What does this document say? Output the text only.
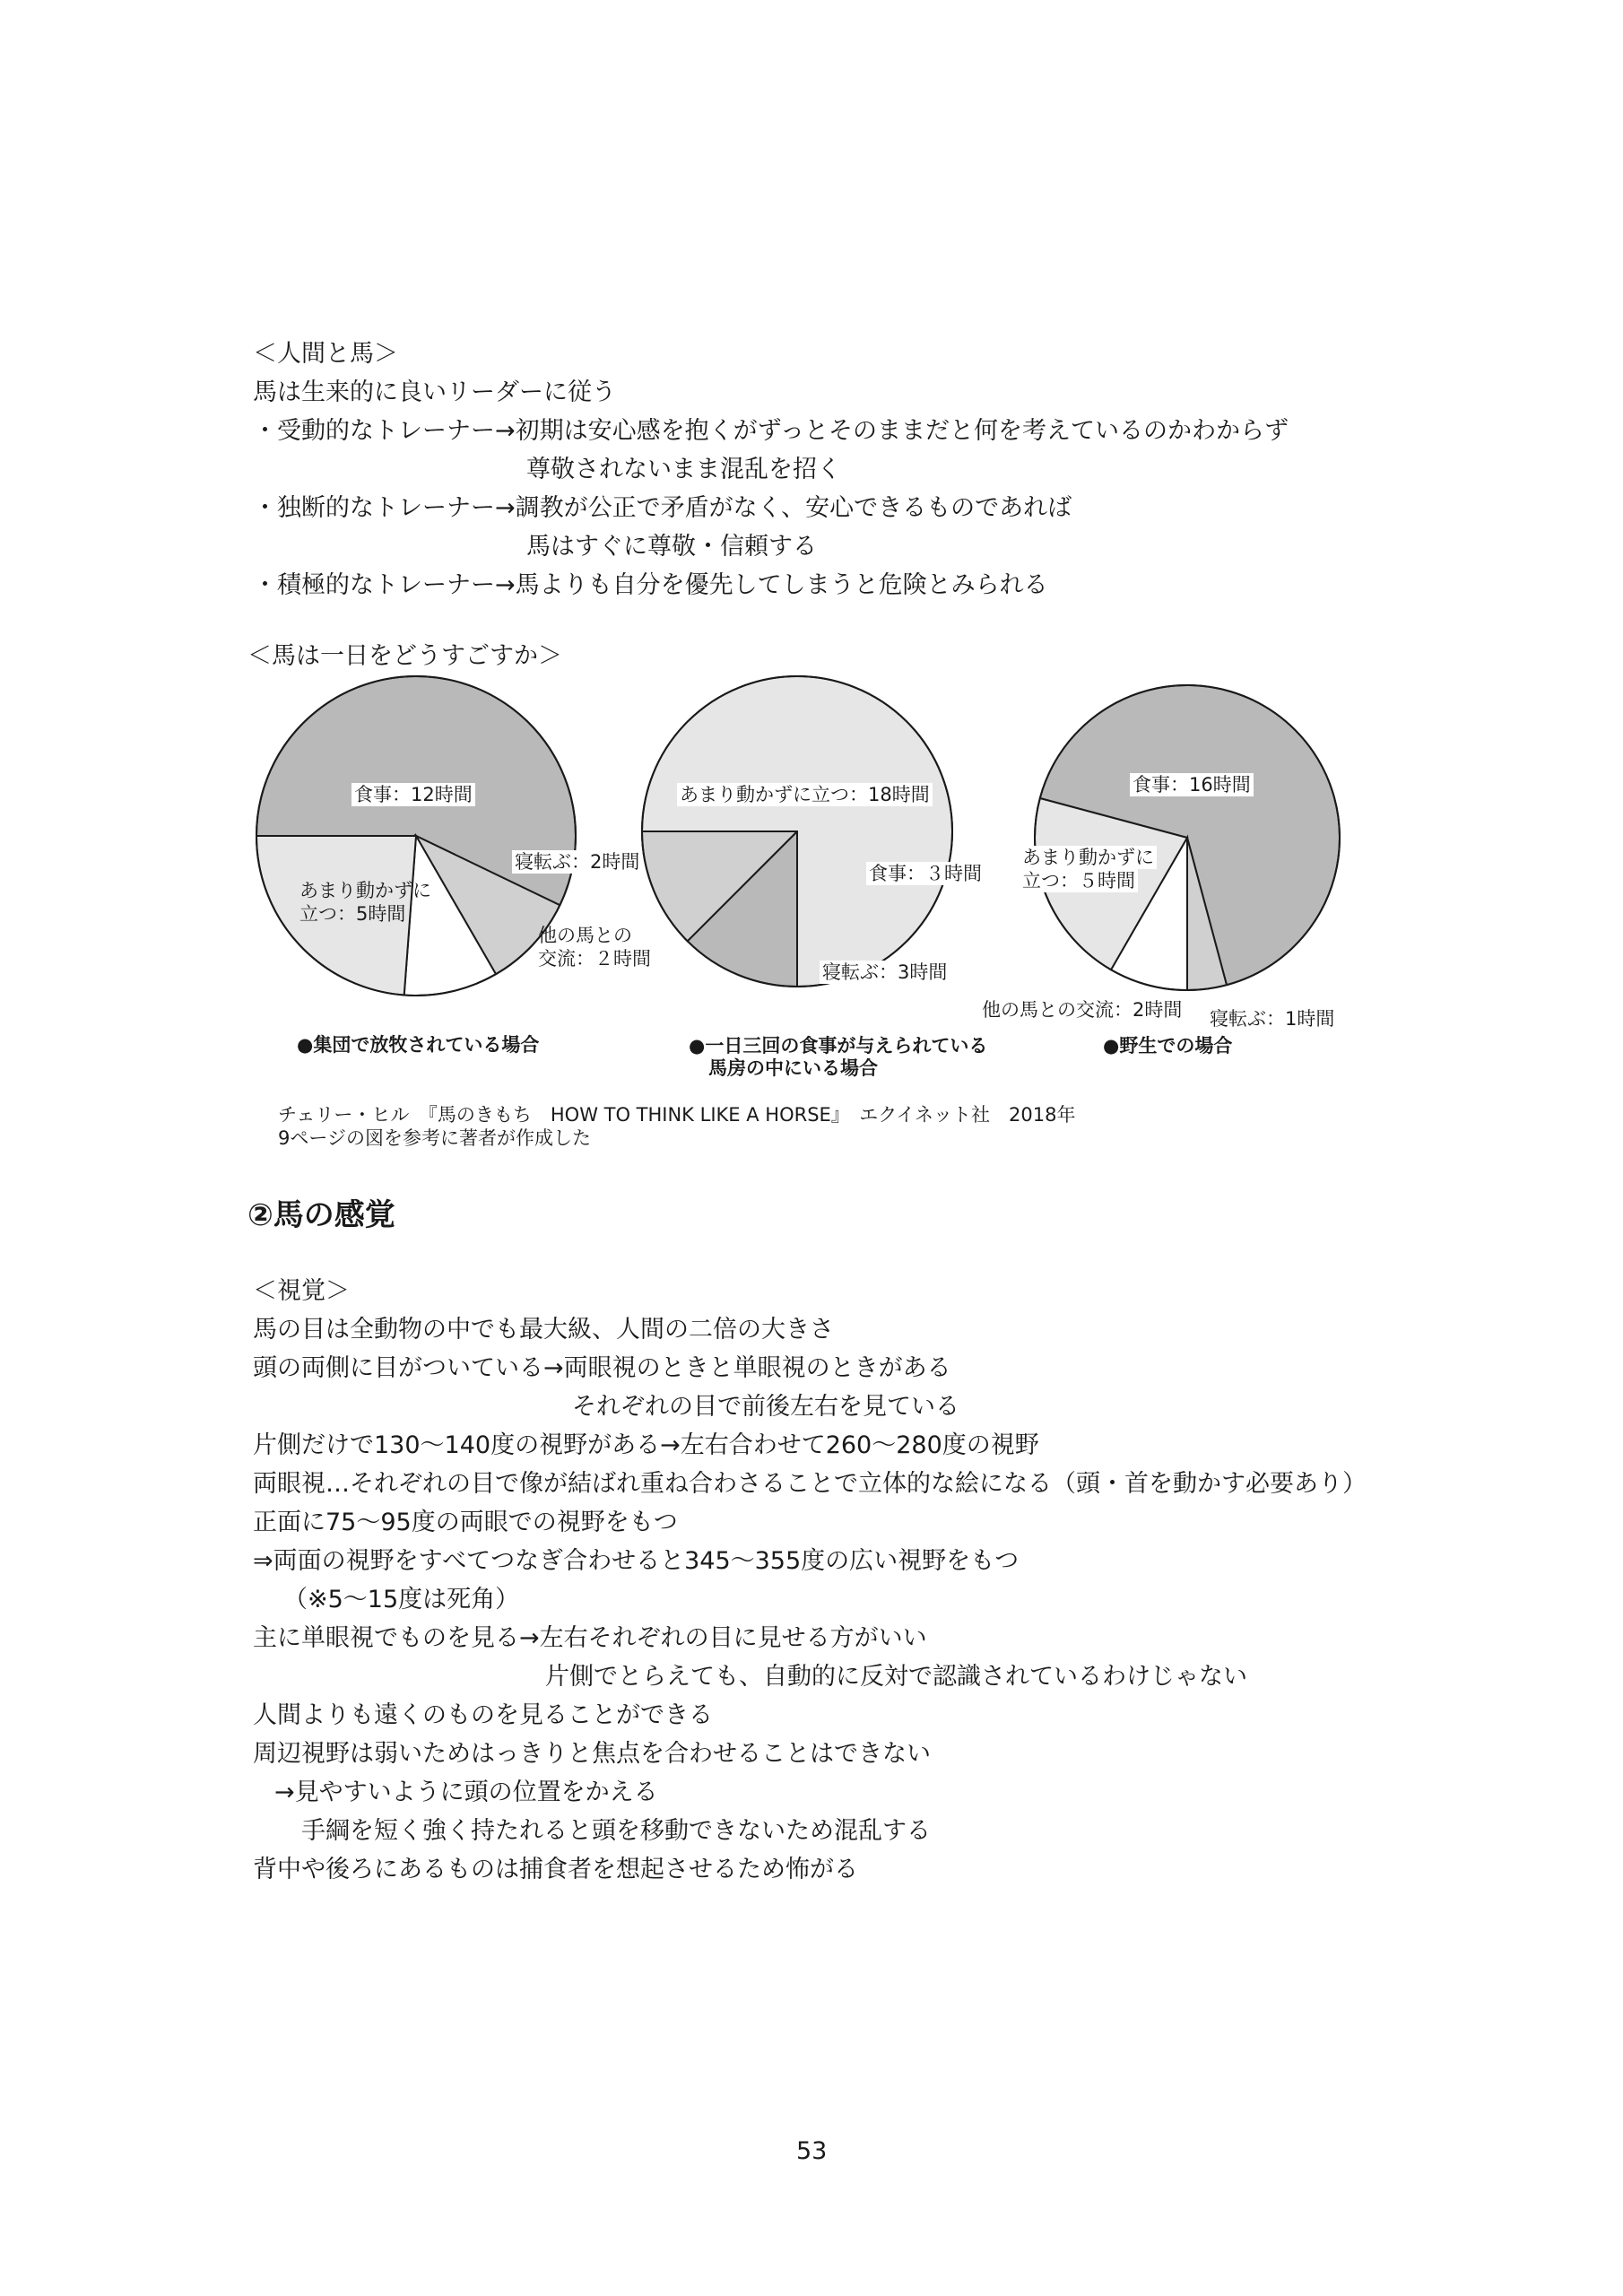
＜人間と馬＞
馬は生来的に良いリーダーに従う
・受動的なトレーナー→初期は安心感を抱くがずっとそのままだと何を考えているのかわからず
尊敬されないまま混乱を招く
・独断的なトレーナー→調教が公正で矛盾がなく、安心できるものであれば
馬はすぐに尊敬・信頼する
・積極的なトレーナー→馬よりも自分を優先してしまうと危険とみられる
＜馬は一日をどうすごすか＞
食事：12時間
寝転ぶ：2時間
他の馬との
交流：２時間
あまり動かずに
立つ：5時間
●集団で放牧されている場合
あまり動かずに立つ：18時間
食事：３時間
寝転ぶ：3時間
●一日三回の食事が与えられている
馬房の中にいる場合
食事：16時間
あまり動かずに
立つ：５時間
他の馬との交流：2時間 寝転ぶ：1時間
●野生での場合
チェリー・ヒル　『馬のきもち　HOW TO THINK LIKE A HORSE』　エクイネット社　2018年
9ページの図を参考に著者が作成した
②馬の感覚
＜視覚＞
馬の目は全動物の中でも最大級、人間の二倍の大きさ
頭の両側に目がついている→両眼視のときと単眼視のときがある
それぞれの目で前後左右を見ている
片側だけで130～140度の視野がある→左右合わせて260～280度の視野
両眼視…それぞれの目で像が結ばれ重ね合わさることで立体的な絵になる（頭・首を動かす必要あり）
正面に75～95度の両眼での視野をもつ
⇒両面の視野をすべてつなぎ合わせると345～355度の広い視野をもつ
（※5～15度は死角）
主に単眼視でものを見る→左右それぞれの目に見せる方がいい
片側でとらえても、自動的に反対で認識されているわけじゃない
人間よりも遠くのものを見ることができる
周辺視野は弱いためはっきりと焦点を合わせることはできない
→見やすいように頭の位置をかえる
手綱を短く強く持たれると頭を移動できないため混乱する
背中や後ろにあるものは捕食者を想起させるため怖がる
53
